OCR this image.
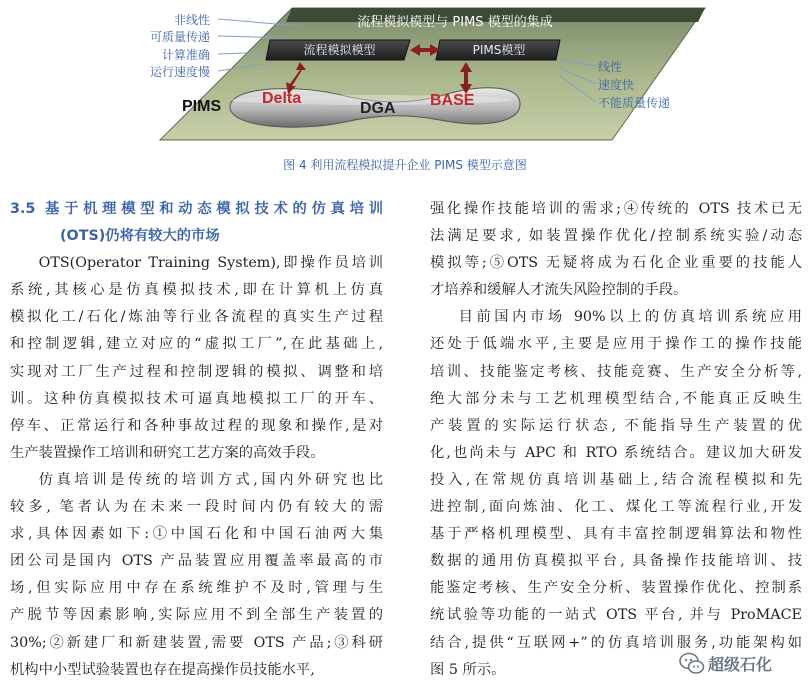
流程模拟模型与 PIMS 模型的集成
流程模拟模型	PIMS模型
非线性
可质量传递
计算准确
运行速度慢	线性
速度快
不能质量传递
PIMS	DGA
Delta	BASE
图 4 利用流程模拟提升企业 PIMS 模型示意图
3.5 基于机理模型和动态模拟技术的仿真培训
(OTS)仍将有较大的市场
OTS(Operator Training System),即操作员培训
系统,其核心是仿真模拟技术,即在计算机上仿真
模拟化工/石化/炼油等行业各流程的真实生产过程
和控制逻辑,建立对应的“虚拟工厂”,在此基础上,
实现对工厂生产过程和控制逻辑的模拟、调整和培
训。这种仿真模拟技术可逼真地模拟工厂的开车、
停车、正常运行和各种事故过程的现象和操作,是对
生产装置操作工培训和研究工艺方案的高效手段。
仿真培训是传统的培训方式,国内外研究也比
较多, 笔者认为在未来一段时间内仍有较大的需
求,具体因素如下:①中国石化和中国石油两大集
团公司是国内 OTS 产品装置应用覆盖率最高的市
场,但实际应用中存在系统维护不及时,管理与生
产脱节等因素影响,实际应用不到全部生产装置的
30%;②新建厂和新建装置,需要 OTS 产品;③科研
机构中小型试验装置也存在提高操作员技能水平,
强化操作技能培训的需求;④传统的 OTS 技术已无
法满足要求, 如装置操作优化/控制系统实验/动态
模拟等;⑤OTS 无疑将成为石化企业重要的技能人
才培养和缓解人才流失风险控制的手段。
目前国内市场 90%以上的仿真培训系统应用
还处于低端水平,主要是应用于操作工的操作技能
培训、技能鉴定考核、技能竞赛、生产安全分析等,
绝大部分未与工艺机理模型结合,不能真正反映生
产装置的实际运行状态, 不能指导生产装置的优
化,也尚未与 APC 和 RTO 系统结合。建议加大研发
投入,在常规仿真培训基础上,结合流程模拟和先
进控制,面向炼油、化工、煤化工等流程行业,开发
基于严格机理模型、具有丰富控制逻辑算法和物性
数据的通用仿真模拟平台, 具备操作技能培训、技
能鉴定考核、生产安全分析、装置操作优化、控制系
统试验等功能的一站式 OTS 平台, 并与 ProMACE
结合,提供“互联网+”的仿真培训服务,功能架构如
图 5 所示。	超级石化
